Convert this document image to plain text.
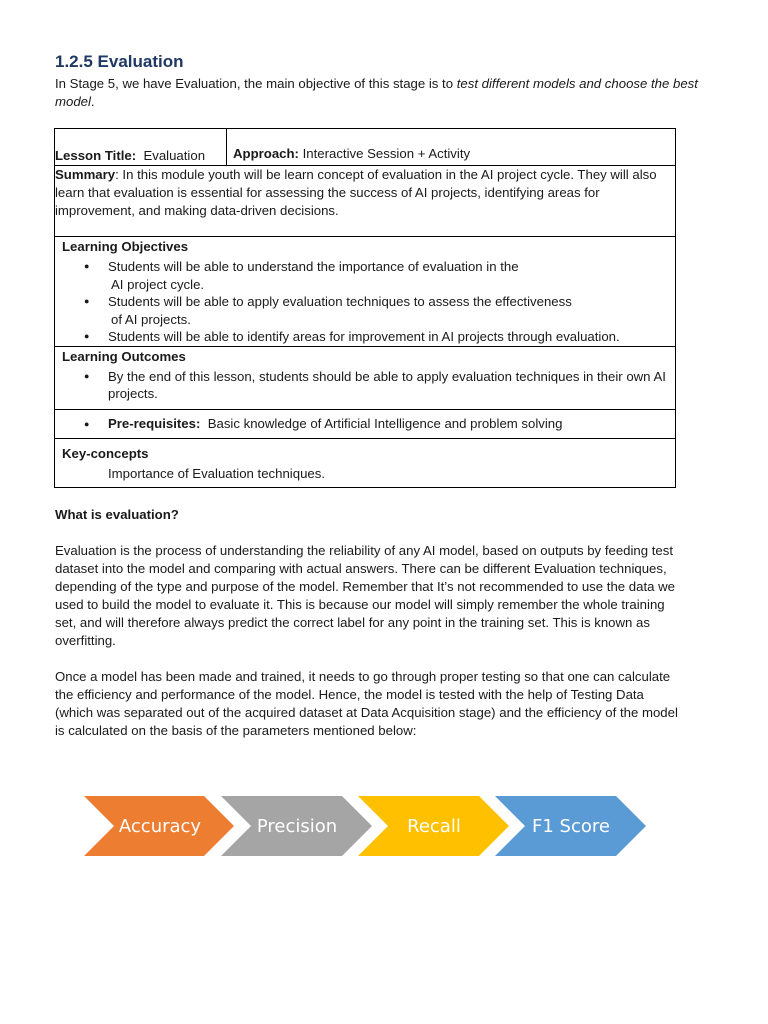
1.2.5 Evaluation

In Stage 5, we have Evaluation, the main objective of this stage is to test different models and choose the best model.

Lesson Title: Evaluation	Approach: Interactive Session + Activity

Summary: In this module youth will be learn concept of evaluation in the AI project cycle. They will also learn that evaluation is essential for assessing the success of AI projects, identifying areas for improvement, and making data-driven decisions.

Learning Objectives
● Students will be able to understand the importance of evaluation in the
AI project cycle.
● Students will be able to apply evaluation techniques to assess the effectiveness
of AI projects.
● Students will be able to identify areas for improvement in AI projects through evaluation.

Learning Outcomes
● By the end of this lesson, students should be able to apply evaluation techniques in their own AI projects.

● Pre-requisites: Basic knowledge of Artificial Intelligence and problem solving

Key-concepts
Importance of Evaluation techniques.

What is evaluation?

Evaluation is the process of understanding the reliability of any AI model, based on outputs by feeding test dataset into the model and comparing with actual answers. There can be different Evaluation techniques, depending of the type and purpose of the model. Remember that It’s not recommended to use the data we used to build the model to evaluate it. This is because our model will simply remember the whole training set, and will therefore always predict the correct label for any point in the training set. This is known as overfitting.

Once a model has been made and trained, it needs to go through proper testing so that one can calculate the efficiency and performance of the model. Hence, the model is tested with the help of Testing Data (which was separated out of the acquired dataset at Data Acquisition stage) and the efficiency of the model is calculated on the basis of the parameters mentioned below:

Accuracy	Precision	Recall	F1 Score
